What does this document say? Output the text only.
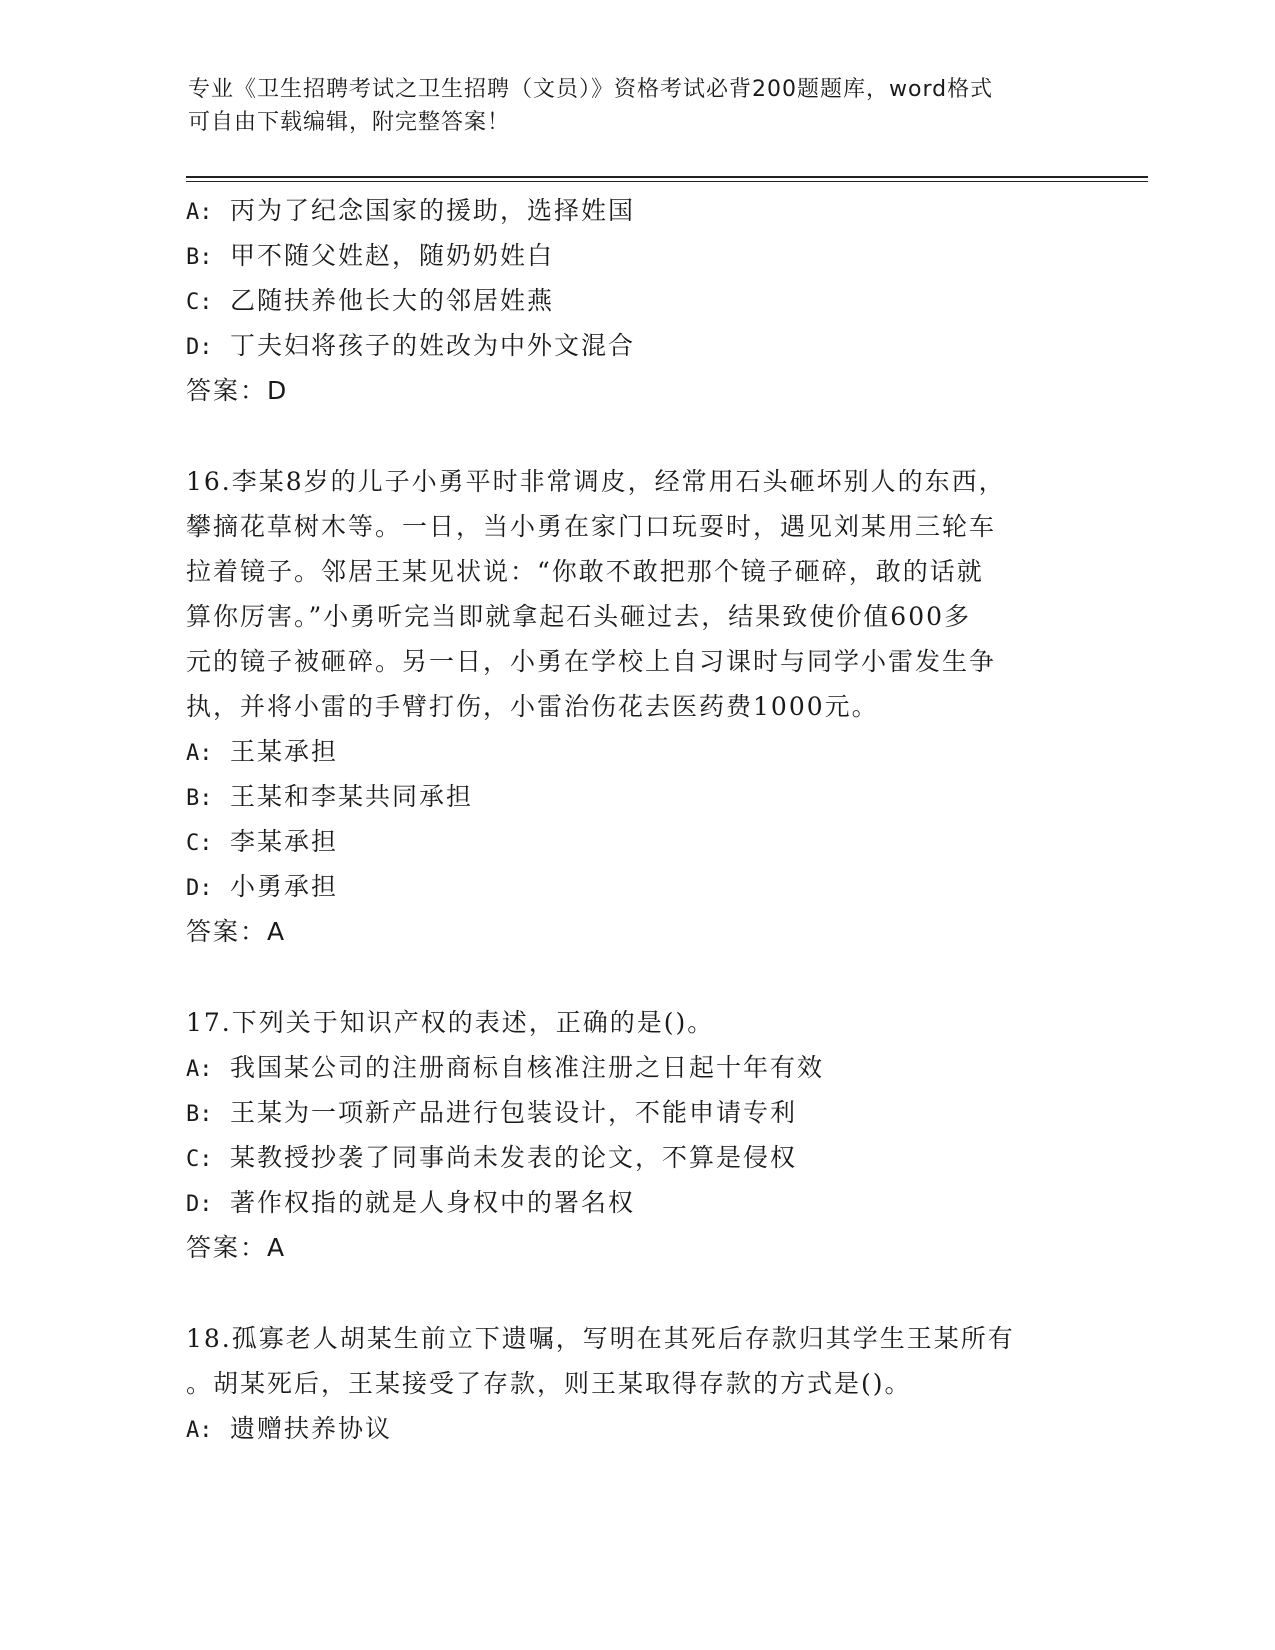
专业《卫生招聘考试之卫生招聘（文员）》资格考试必背200题题库，word格式
可自由下载编辑，附完整答案！
A: 丙为了纪念国家的援助，选择姓国
B: 甲不随父姓赵，随奶奶姓白
C: 乙随扶养他长大的邻居姓燕
D: 丁夫妇将孩子的姓改为中外文混合
答案：D
16.李某8岁的儿子小勇平时非常调皮，经常用石头砸坏别人的东西，
攀摘花草树木等。一日，当小勇在家门口玩耍时，遇见刘某用三轮车
拉着镜子。邻居王某见状说：“你敢不敢把那个镜子砸碎，敢的话就
算你厉害。”小勇听完当即就拿起石头砸过去，结果致使价值600多
元的镜子被砸碎。另一日，小勇在学校上自习课时与同学小雷发生争
执，并将小雷的手臂打伤，小雷治伤花去医药费1000元。
A: 王某承担
B: 王某和李某共同承担
C: 李某承担
D: 小勇承担
答案：A
17.下列关于知识产权的表述，正确的是()。
A: 我国某公司的注册商标自核准注册之日起十年有效
B: 王某为一项新产品进行包装设计，不能申请专利
C: 某教授抄袭了同事尚未发表的论文，不算是侵权
D: 著作权指的就是人身权中的署名权
答案：A
18.孤寡老人胡某生前立下遗嘱，写明在其死后存款归其学生王某所有
。胡某死后，王某接受了存款，则王某取得存款的方式是()。
A: 遗赠扶养协议
